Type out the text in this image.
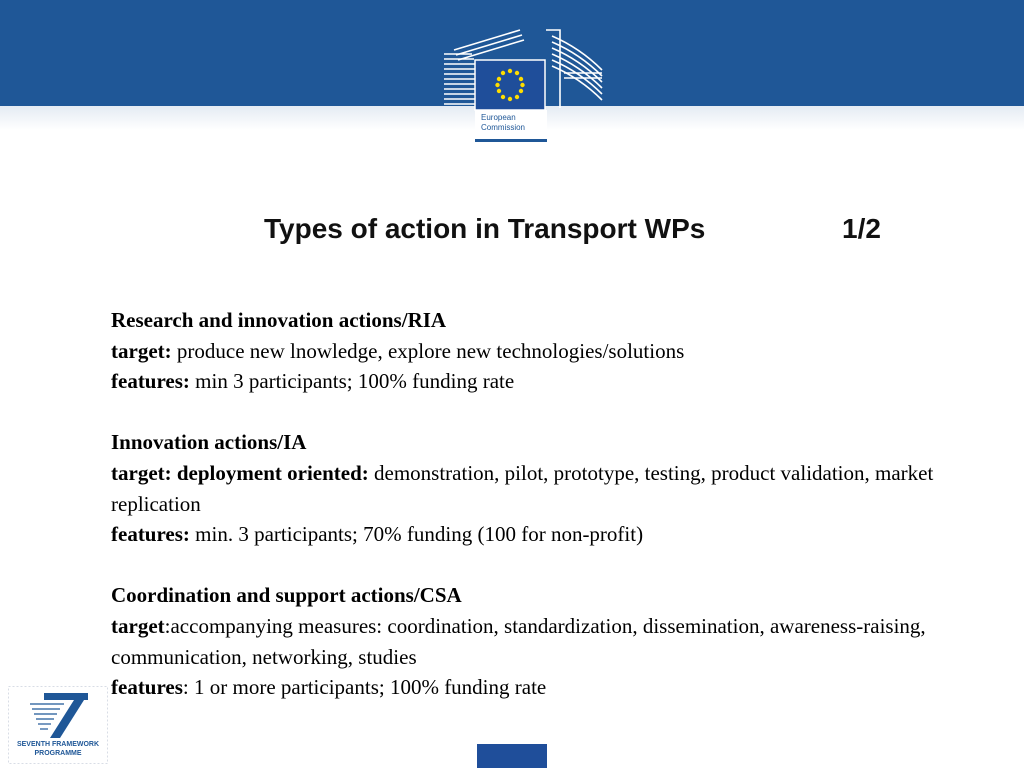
European
Commission
Types of action in Transport WPs	1/2
Research and innovation actions/RIA
target: produce new lnowledge, explore new technologies/solutions
features: min 3 participants; 100% funding rate
Innovation actions/IA
target: deployment oriented: demonstration, pilot, prototype, testing, product validation, market replication
features: min. 3 participants; 70% funding (100 for non-profit)
Coordination and support actions/CSA
target:accompanying measures: coordination, standardization, dissemination, awareness-raising, communication, networking, studies
features: 1 or more participants; 100% funding rate
SEVENTH FRAMEWORK PROGRAMME
